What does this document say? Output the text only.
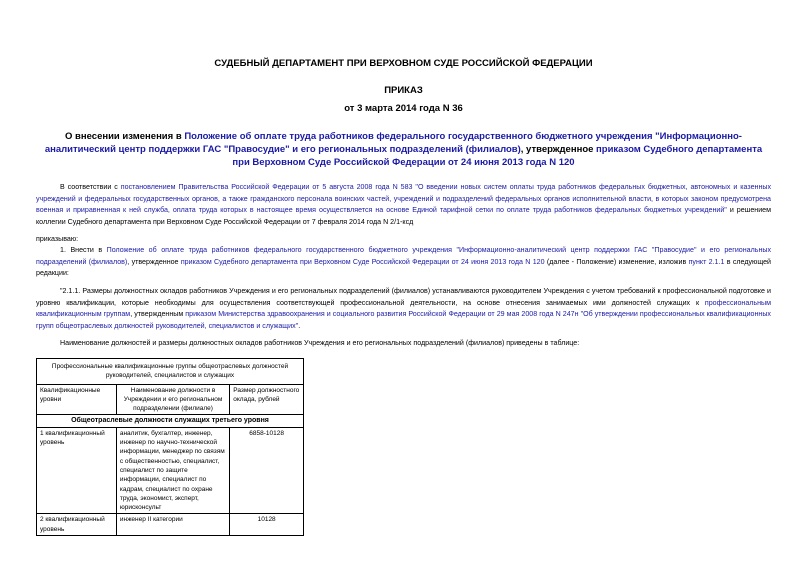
СУДЕБНЫЙ ДЕПАРТАМЕНТ ПРИ ВЕРХОВНОМ СУДЕ РОССИЙСКОЙ ФЕДЕРАЦИИ
ПРИКАЗ
от 3 марта 2014 года N 36
О внесении изменения в Положение об оплате труда работников федерального государственного бюджетного учреждения "Информационно-аналитический центр поддержки ГАС "Правосудие" и его региональных подразделений (филиалов), утвержденное приказом Судебного департамента при Верховном Суде Российской Федерации от 24 июня 2013 года N 120
В соответствии с постановлением Правительства Российской Федерации от 5 августа 2008 года N 583 "О введении новых систем оплаты труда работников федеральных бюджетных, автономных и казенных учреждений и федеральных государственных органов, а также гражданского персонала воинских частей, учреждений и подразделений федеральных органов исполнительной власти, в которых законом предусмотрена военная и приравненная к ней служба, оплата труда которых в настоящее время осуществляется на основе Единой тарифной сетки по оплате труда работников федеральных бюджетных учреждений" и решением коллегии Судебного департамента при Верховном Суде Российской Федерации от 7 февраля 2014 года N 2/1-ксд
приказываю:
1. Внести в Положение об оплате труда работников федерального государственного бюджетного учреждения "Информационно-аналитический центр поддержки ГАС "Правосудие" и его региональных подразделений (филиалов), утвержденное приказом Судебного департамента при Верховном Суде Российской Федерации от 24 июня 2013 года N 120 (далее - Положение) изменение, изложив пункт 2.1.1 в следующей редакции:
"2.1.1. Размеры должностных окладов работников Учреждения и его региональных подразделений (филиалов) устанавливаются руководителем Учреждения с учетом требований к профессиональной подготовке и уровню квалификации, которые необходимы для осуществления соответствующей профессиональной деятельности, на основе отнесения занимаемых ими должностей служащих к профессиональным квалификационным группам, утвержденным приказом Министерства здравоохранения и социального развития Российской Федерации от 29 мая 2008 года N 247н "Об утверждении профессиональных квалификационных групп общеотраслевых должностей руководителей, специалистов и служащих".
Наименование должностей и размеры должностных окладов работников Учреждения и его региональных подразделений (филиалов) приведены в таблице:
Профессиональные квалификационные группы общеотраслевых должностей руководителей, специалистов и служащих		
Квалификационные уровни	Наименование должности в Учреждении и его региональном подразделении (филиале)	Размер должностного оклада, рублей
Общеотраслевые должности служащих третьего уровня		
1 квалификационный уровень	аналитик, бухгалтер, инженер, инженер по научно-технической информации, менеджер по связям с общественностью, специалист, специалист по защите информации, специалист по кадрам, специалист по охране труда, экономист, эксперт, юрисконсульт	6858-10128
2 квалификационный уровень	инженер II категории	10128
